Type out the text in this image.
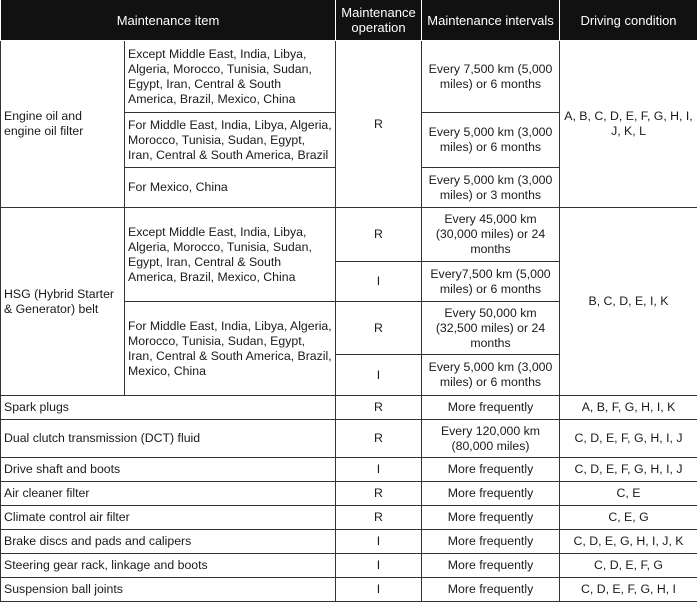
Maintenance item		Maintenance operation	Maintenance intervals	Driving condition
Engine oil and engine oil filter	Except Middle East, India, Libya, Algeria, Morocco, Tunisia, Sudan, Egypt, Iran, Central & South America, Brazil, Mexico, China	R	Every 7,500 km (5,000 miles) or 6 months	A, B, C, D, E, F, G, H, I, J, K, L
	For Middle East, India, Libya, Algeria, Morocco, Tunisia, Sudan, Egypt, Iran, Central & South America, Brazil		Every 5,000 km (3,000 miles) or 6 months	
	For Mexico, China		Every 5,000 km (3,000 miles) or 3 months	
HSG (Hybrid Starter & Generator) belt	Except Middle East, India, Libya, Algeria, Morocco, Tunisia, Sudan, Egypt, Iran, Central & South America, Brazil, Mexico, China	R	Every 45,000 km (30,000 miles) or 24 months	B, C, D, E, I, K
		I	Every7,500 km (5,000 miles) or 6 months	
	For Middle East, India, Libya, Algeria, Morocco, Tunisia, Sudan, Egypt, Iran, Central & South America, Brazil, Mexico, China	R	Every 50,000 km (32,500 miles) or 24 months	
		I	Every 5,000 km (3,000 miles) or 6 months	
Spark plugs		R	More frequently	A, B, F, G, H, I, K
Dual clutch transmission (DCT) fluid		R	Every 120,000 km (80,000 miles)	C, D, E, F, G, H, I, J
Drive shaft and boots		I	More frequently	C, D, E, F, G, H, I, J
Air cleaner filter		R	More frequently	C, E
Climate control air filter		R	More frequently	C, E, G
Brake discs and pads and calipers		I	More frequently	C, D, E, G, H, I, J, K
Steering gear rack, linkage and boots		I	More frequently	C, D, E, F, G
Suspension ball joints		I	More frequently	C, D, E, F, G, H, I
